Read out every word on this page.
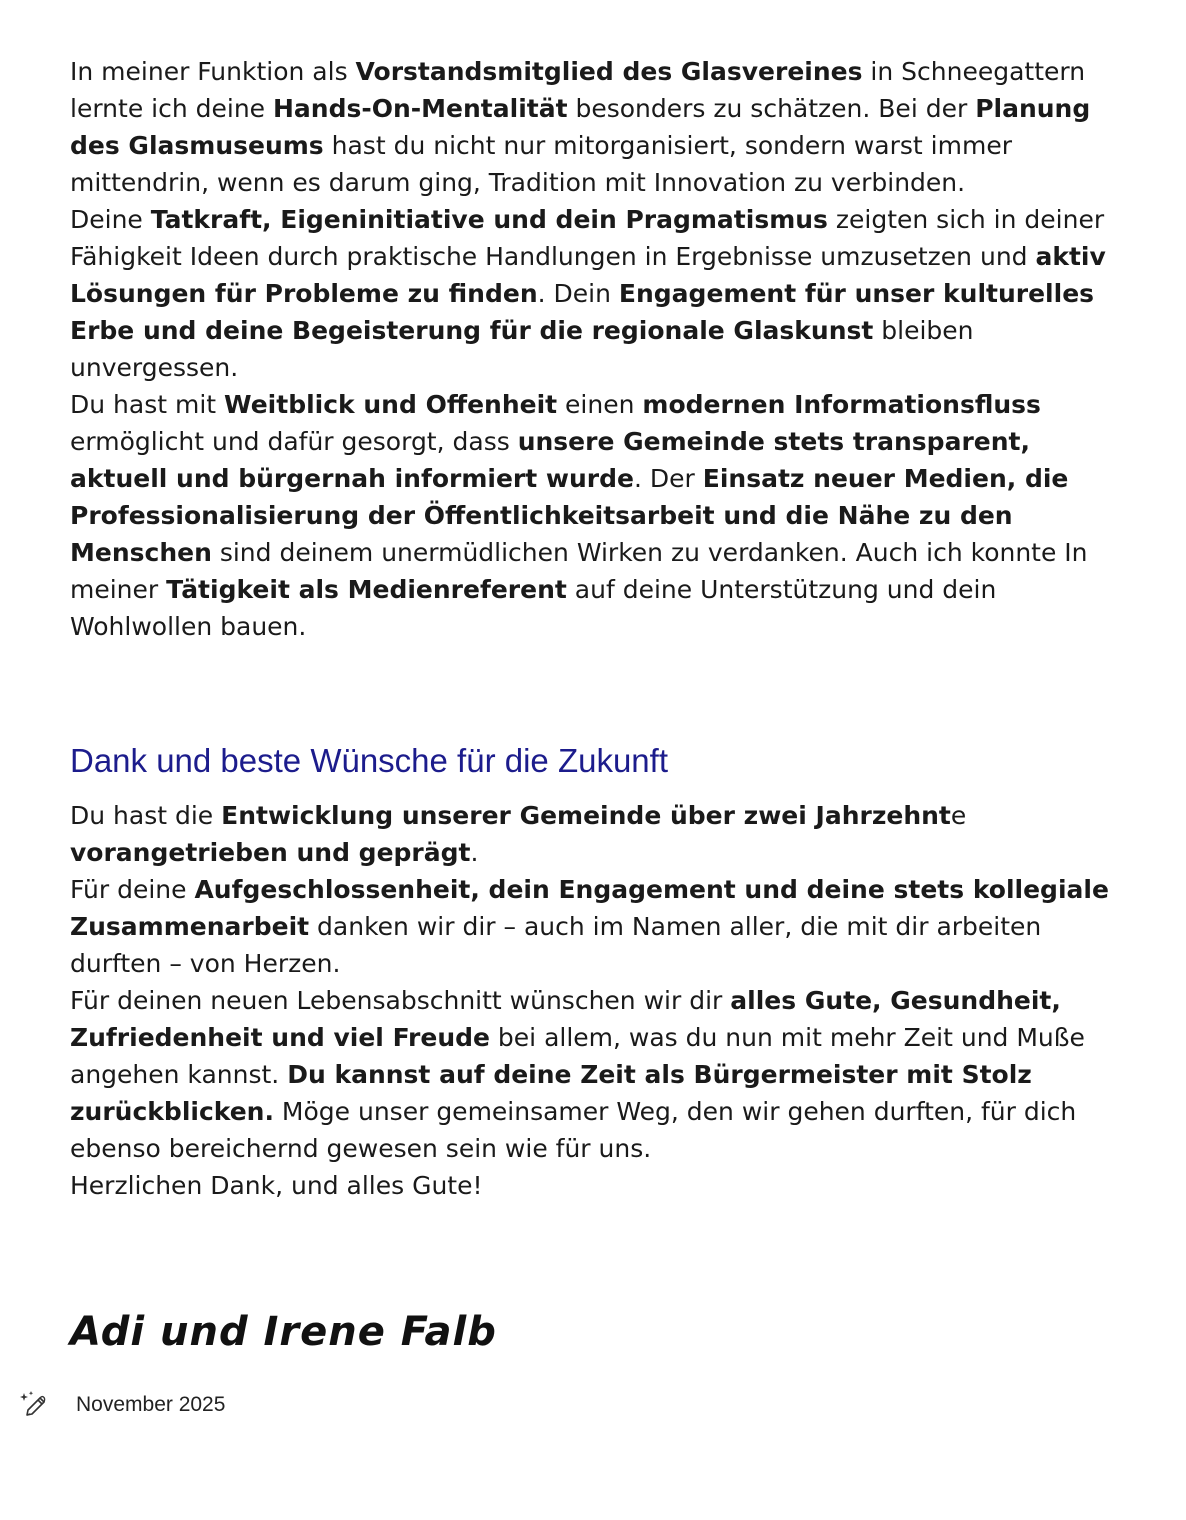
In meiner Funktion als Vorstandsmitglied des Glasvereines in Schneegattern lernte ich deine Hands-On-Mentalität besonders zu schätzen. Bei der Planung des Glasmuseums hast du nicht nur mitorganisiert, sondern warst immer mittendrin, wenn es darum ging, Tradition mit Innovation zu verbinden.

Deine Tatkraft, Eigeninitiative und dein Pragmatismus zeigten sich in deiner Fähigkeit Ideen durch praktische Handlungen in Ergebnisse umzusetzen und aktiv Lösungen für Probleme zu finden. Dein Engagement für unser kulturelles Erbe und deine Begeisterung für die regionale Glaskunst bleiben unvergessen.

Du hast mit Weitblick und Offenheit einen modernen Informationsfluss ermöglicht und dafür gesorgt, dass unsere Gemeinde stets transparent, aktuell und bürgernah informiert wurde. Der Einsatz neuer Medien, die Professionalisierung der Öffentlichkeitsarbeit und die Nähe zu den Menschen sind deinem unermüdlichen Wirken zu verdanken. Auch ich konnte In meiner Tätigkeit als Medienreferent auf deine Unterstützung und dein Wohlwollen bauen.

Dank und beste Wünsche für die Zukunft

Du hast die Entwicklung unserer Gemeinde über zwei Jahrzehnte vorangetrieben und geprägt.

Für deine Aufgeschlossenheit, dein Engagement und deine stets kollegiale Zusammenarbeit danken wir dir – auch im Namen aller, die mit dir arbeiten durften – von Herzen.

Für deinen neuen Lebensabschnitt wünschen wir dir alles Gute, Gesundheit, Zufriedenheit und viel Freude bei allem, was du nun mit mehr Zeit und Muße angehen kannst. Du kannst auf deine Zeit als Bürgermeister mit Stolz zurückblicken. Möge unser gemeinsamer Weg, den wir gehen durften, für dich ebenso bereichernd gewesen sein wie für uns.

Herzlichen Dank, und alles Gute!

Adi und Irene Falb
November 2025
